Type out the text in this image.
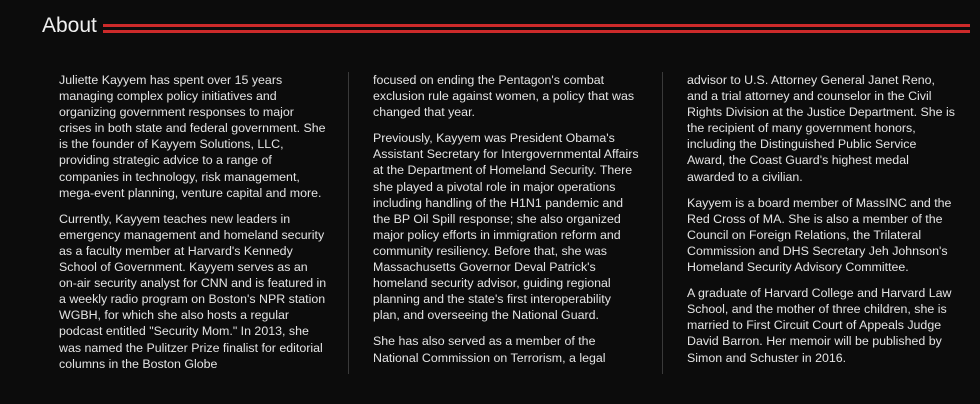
About

Juliette Kayyem has spent over 15 years managing complex policy initiatives and organizing government responses to major crises in both state and federal government. She is the founder of Kayyem Solutions, LLC, providing strategic advice to a range of companies in technology, risk management, mega-event planning, venture capital and more.

Currently, Kayyem teaches new leaders in emergency management and homeland security as a faculty member at Harvard's Kennedy School of Government. Kayyem serves as an on-air security analyst for CNN and is featured in a weekly radio program on Boston's NPR station WGBH, for which she also hosts a regular podcast entitled "Security Mom." In 2013, she was named the Pulitzer Prize finalist for editorial columns in the Boston Globe

focused on ending the Pentagon's combat exclusion rule against women, a policy that was changed that year.

Previously, Kayyem was President Obama's Assistant Secretary for Intergovernmental Affairs at the Department of Homeland Security. There she played a pivotal role in major operations including handling of the H1N1 pandemic and the BP Oil Spill response; she also organized major policy efforts in immigration reform and community resiliency. Before that, she was Massachusetts Governor Deval Patrick's homeland security advisor, guiding regional planning and the state's first interoperability plan, and overseeing the National Guard.

She has also served as a member of the National Commission on Terrorism, a legal

advisor to U.S. Attorney General Janet Reno, and a trial attorney and counselor in the Civil Rights Division at the Justice Department. She is the recipient of many government honors, including the Distinguished Public Service Award, the Coast Guard's highest medal awarded to a civilian.

Kayyem is a board member of MassINC and the Red Cross of MA. She is also a member of the Council on Foreign Relations, the Trilateral Commission and DHS Secretary Jeh Johnson's Homeland Security Advisory Committee.

A graduate of Harvard College and Harvard Law School, and the mother of three children, she is married to First Circuit Court of Appeals Judge David Barron. Her memoir will be published by Simon and Schuster in 2016.
